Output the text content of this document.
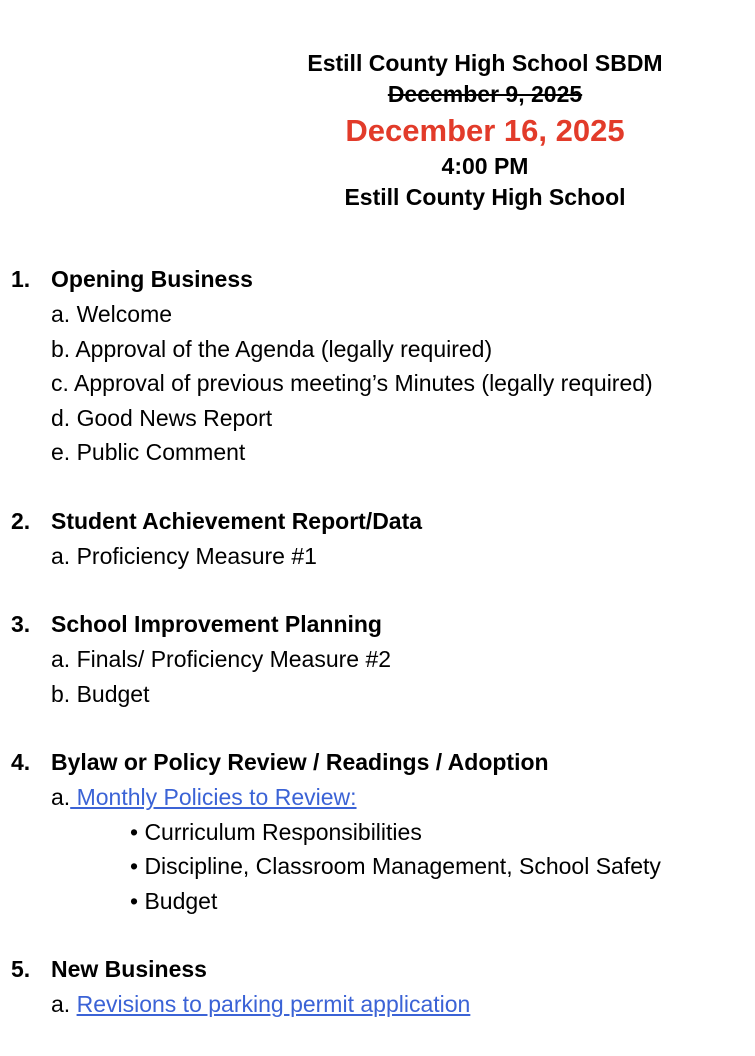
Estill County High School SBDM
December 9, 2025
December 16, 2025
4:00 PM
Estill County High School
1. Opening Business
a. Welcome
b. Approval of the Agenda (legally required)
c. Approval of previous meeting’s Minutes (legally required)
d. Good News Report
e. Public Comment
2. Student Achievement Report/Data
a. Proficiency Measure #1
3. School Improvement Planning
a. Finals/ Proficiency Measure #2
b. Budget
4. Bylaw or Policy Review / Readings / Adoption
a. Monthly Policies to Review:
• Curriculum Responsibilities
• Discipline, Classroom Management, School Safety
• Budget
5. New Business
a. Revisions to parking permit application
